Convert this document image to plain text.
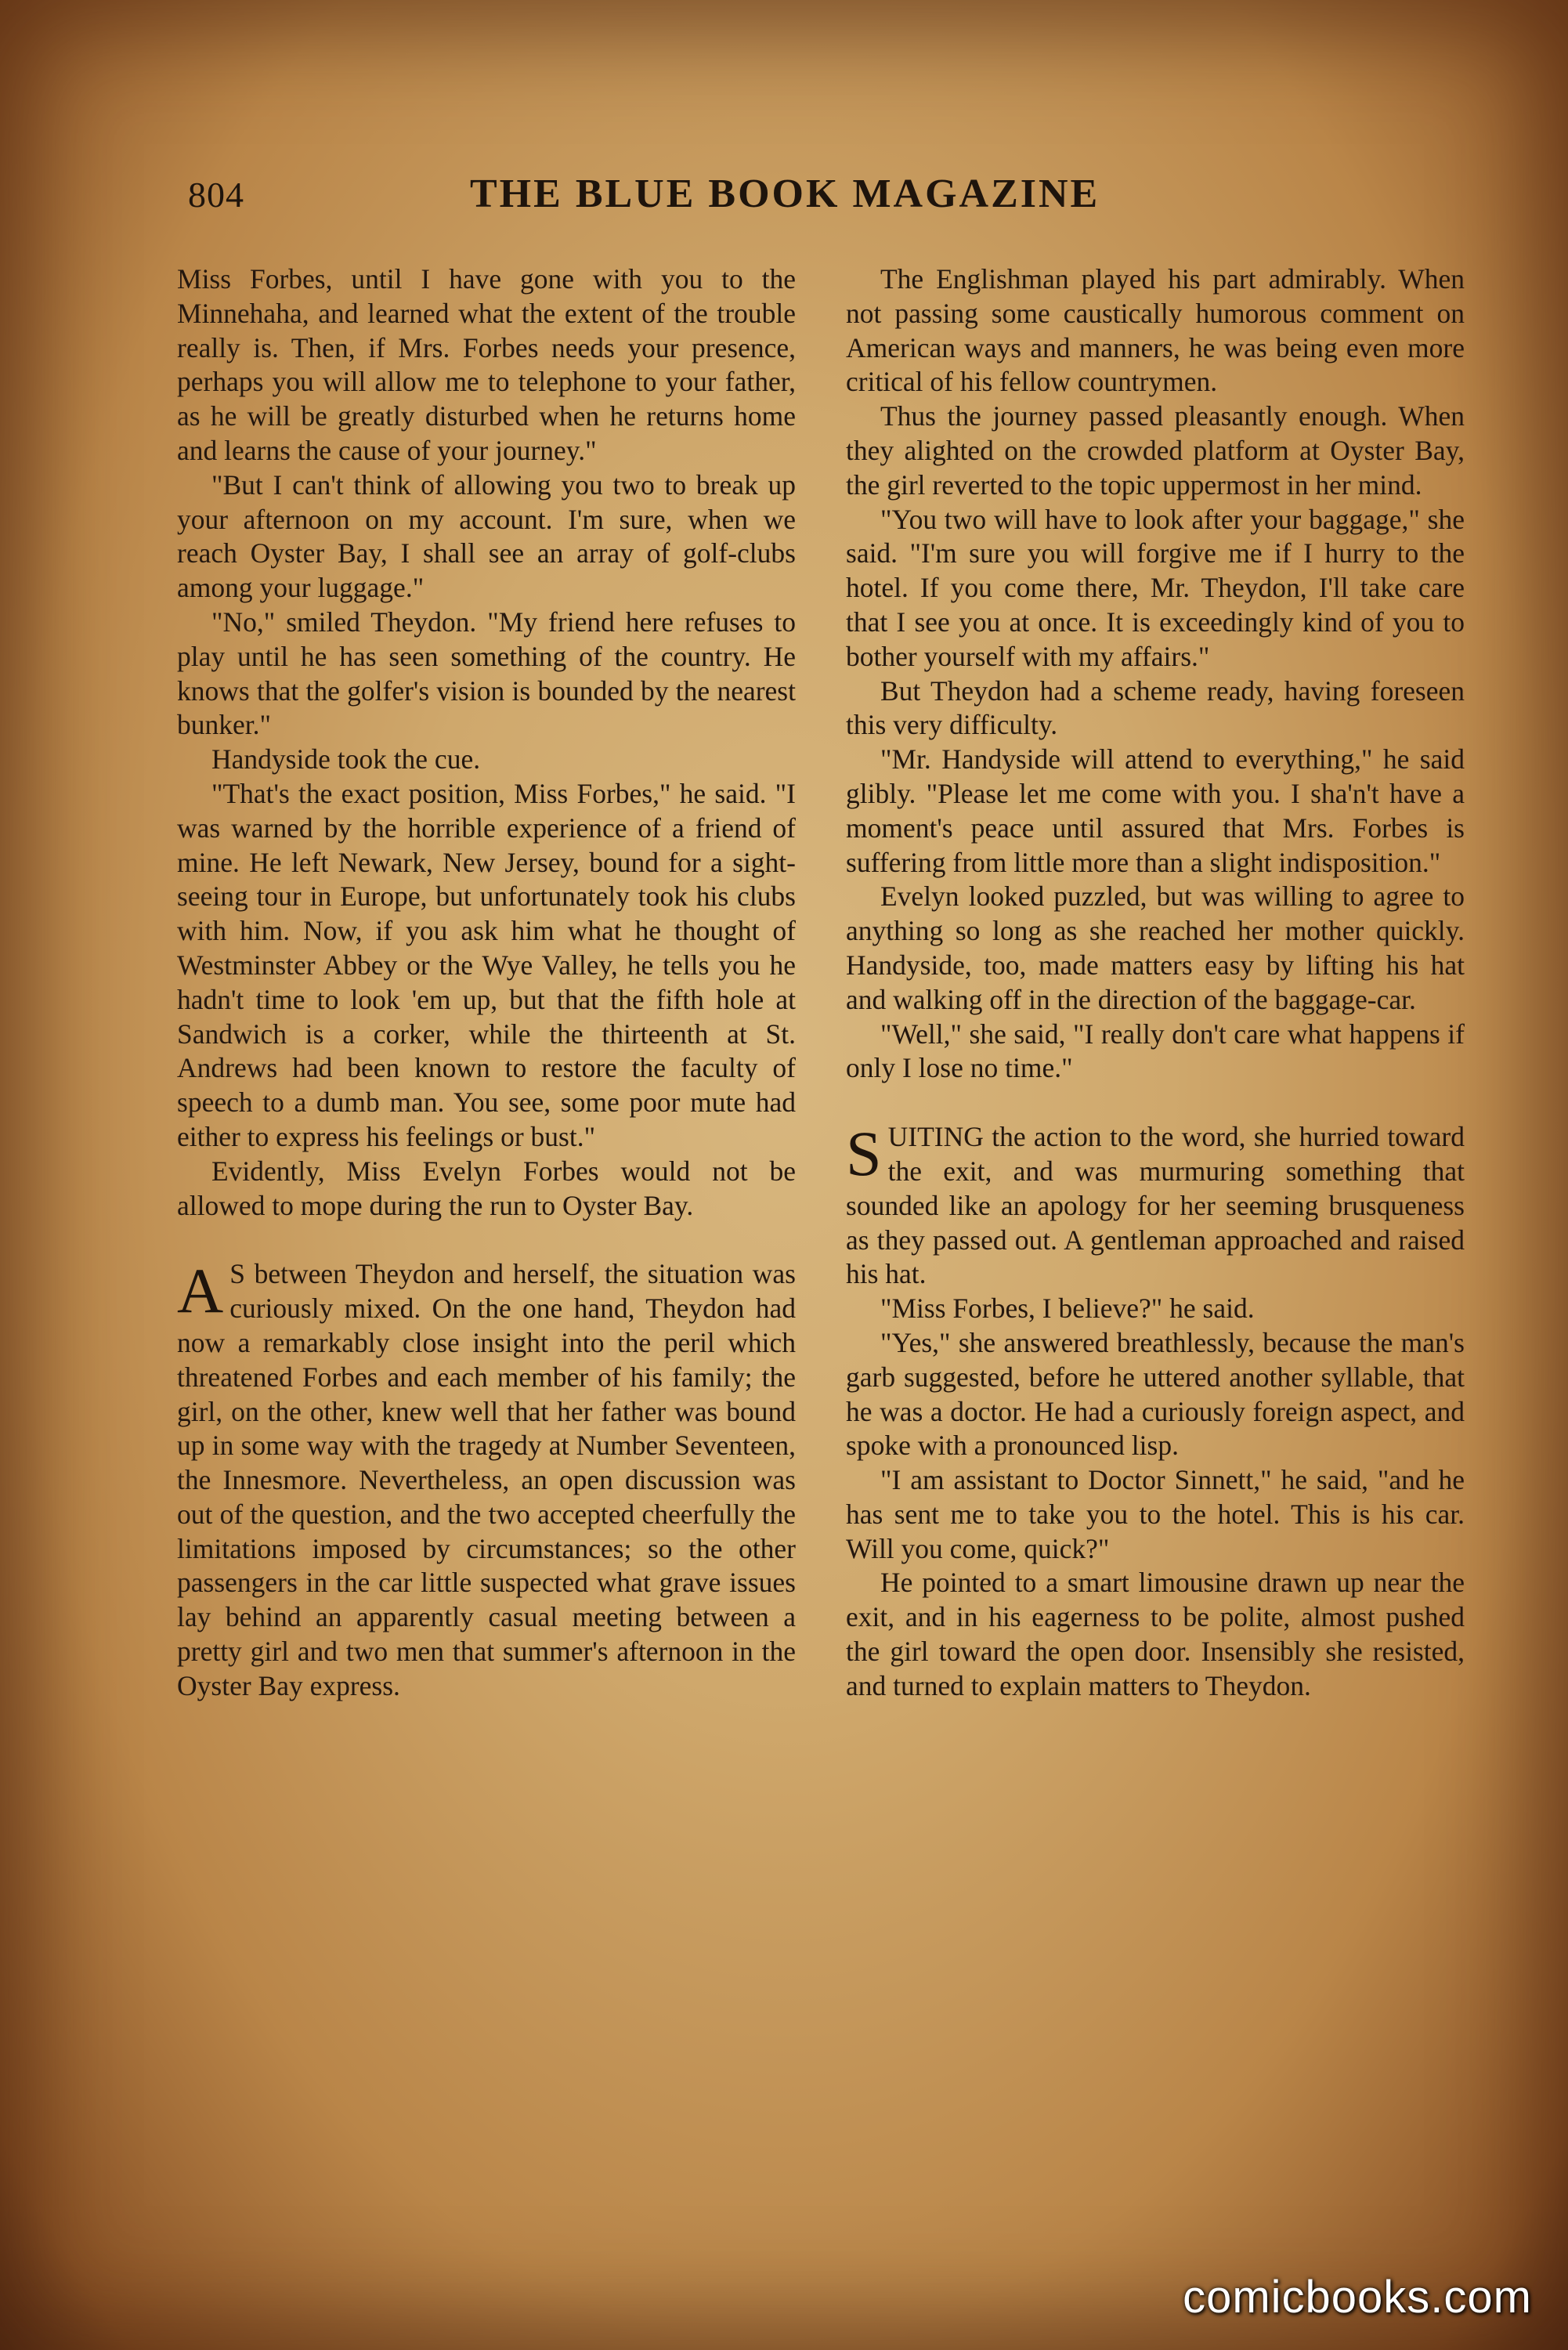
804	THE BLUE BOOK MAGAZINE

Miss Forbes, until I have gone with you to the Minnehaha, and learned what the extent of the trouble really is. Then, if Mrs. Forbes needs your presence, perhaps you will allow me to telephone to your father, as he will be greatly disturbed when he returns home and learns the cause of your journey."

"But I can't think of allowing you two to break up your afternoon on my account. I'm sure, when we reach Oyster Bay, I shall see an array of golf-clubs among your luggage."

"No," smiled Theydon. "My friend here refuses to play until he has seen something of the country. He knows that the golfer's vision is bounded by the nearest bunker."

Handyside took the cue.

"That's the exact position, Miss Forbes," he said. "I was warned by the horrible experience of a friend of mine. He left Newark, New Jersey, bound for a sight-seeing tour in Europe, but unfortunately took his clubs with him. Now, if you ask him what he thought of Westminster Abbey or the Wye Valley, he tells you he hadn't time to look 'em up, but that the fifth hole at Sandwich is a corker, while the thirteenth at St. Andrews had been known to restore the faculty of speech to a dumb man. You see, some poor mute had either to express his feelings or bust."

Evidently, Miss Evelyn Forbes would not be allowed to mope during the run to Oyster Bay.

A S between Theydon and herself, the situation was curiously mixed. On the one hand, Theydon had now a remarkably close insight into the peril which threatened Forbes and each member of his family; the girl, on the other, knew well that her father was bound up in some way with the tragedy at Number Seventeen, the Innesmore. Nevertheless, an open discussion was out of the question, and the two accepted cheerfully the limitations imposed by circumstances; so the other passengers in the car little suspected what grave issues lay behind an apparently casual meeting between a pretty girl and two men that summer's afternoon in the Oyster Bay express.

The Englishman played his part admirably. When not passing some caustically humorous comment on American ways and manners, he was being even more critical of his fellow countrymen.

Thus the journey passed pleasantly enough. When they alighted on the crowded platform at Oyster Bay, the girl reverted to the topic uppermost in her mind.

"You two will have to look after your baggage," she said. "I'm sure you will forgive me if I hurry to the hotel. If you come there, Mr. Theydon, I'll take care that I see you at once. It is exceedingly kind of you to bother yourself with my affairs."

But Theydon had a scheme ready, having foreseen this very difficulty.

"Mr. Handyside will attend to everything," he said glibly. "Please let me come with you. I sha'n't have a moment's peace until assured that Mrs. Forbes is suffering from little more than a slight indisposition."

Evelyn looked puzzled, but was willing to agree to anything so long as she reached her mother quickly. Handyside, too, made matters easy by lifting his hat and walking off in the direction of the baggage-car.

"Well," she said, "I really don't care what happens if only I lose no time."

SUITING the action to the word, she hurried toward the exit, and was murmuring something that sounded like an apology for her seeming brusqueness as they passed out. A gentleman approached and raised his hat.

"Miss Forbes, I believe?" he said.

"Yes," she answered breathlessly, because the man's garb suggested, before he uttered another syllable, that he was a doctor. He had a curiously foreign aspect, and spoke with a pronounced lisp.

"I am assistant to Doctor Sinnett," he said, "and he has sent me to take you to the hotel. This is his car. Will you come, quick?"

He pointed to a smart limousine drawn up near the exit, and in his eagerness to be polite, almost pushed the girl toward the open door. Insensibly she resisted, and turned to explain matters to Theydon.

comicbooks.com
